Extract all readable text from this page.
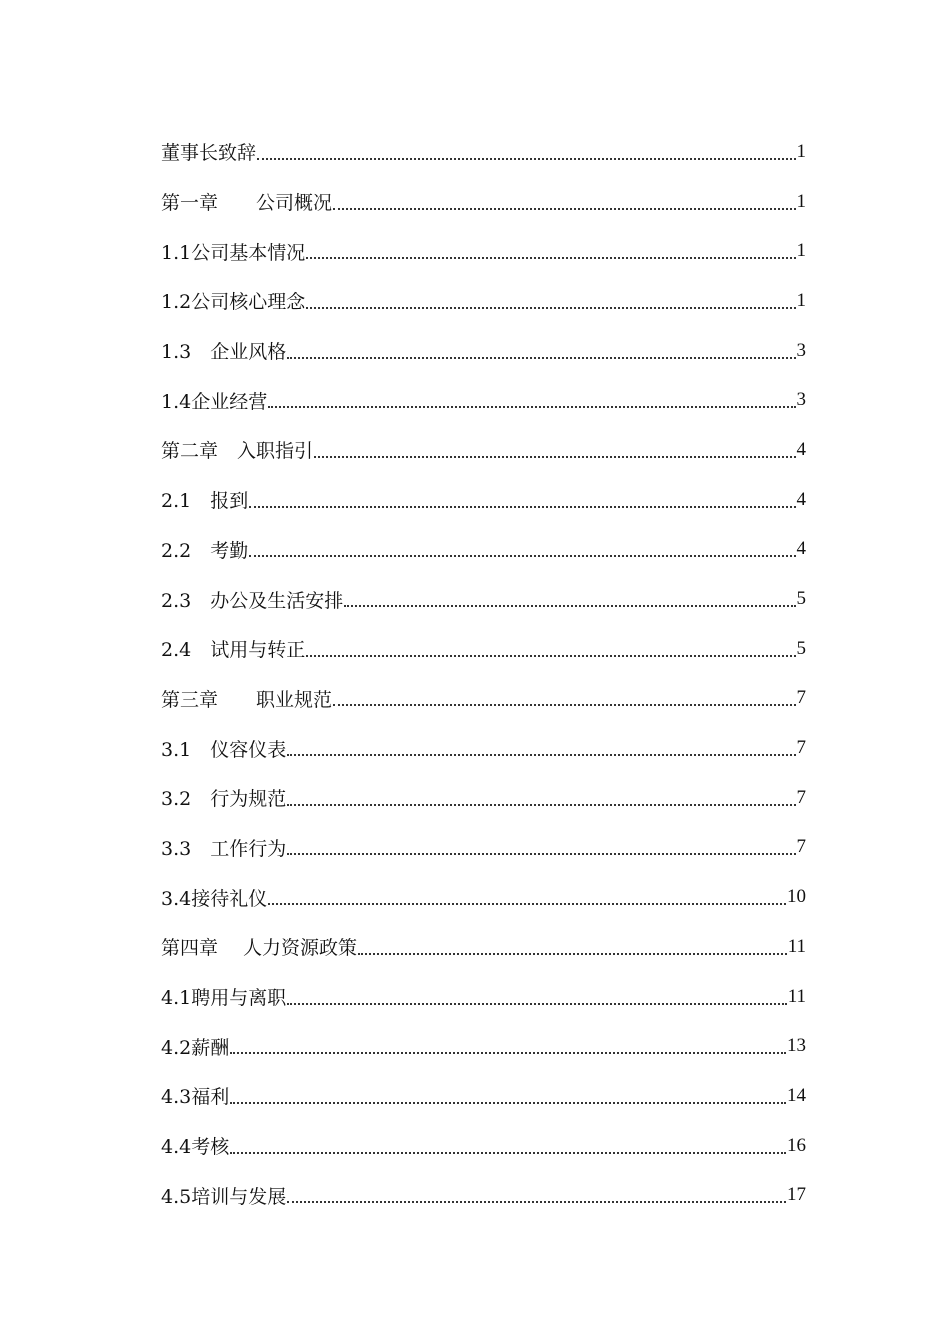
董事长致辞	1
第一章　　公司概况	1
1.1公司基本情况	1
1.2公司核心理念	1
1.3　企业风格	3
1.4企业经营	3
第二章　入职指引	4
2.1　报到	4
2.2　考勤	4
2.3　办公及生活安排	5
2.4　试用与转正	5
第三章　　职业规范	7
3.1　仪容仪表	7
3.2　行为规范	7
3.3　工作行为	7
3.4接待礼仪	10
第四章　 人力资源政策	11
4.1聘用与离职	11
4.2薪酬	13
4.3福利	14
4.4考核	16
4.5培训与发展	17
